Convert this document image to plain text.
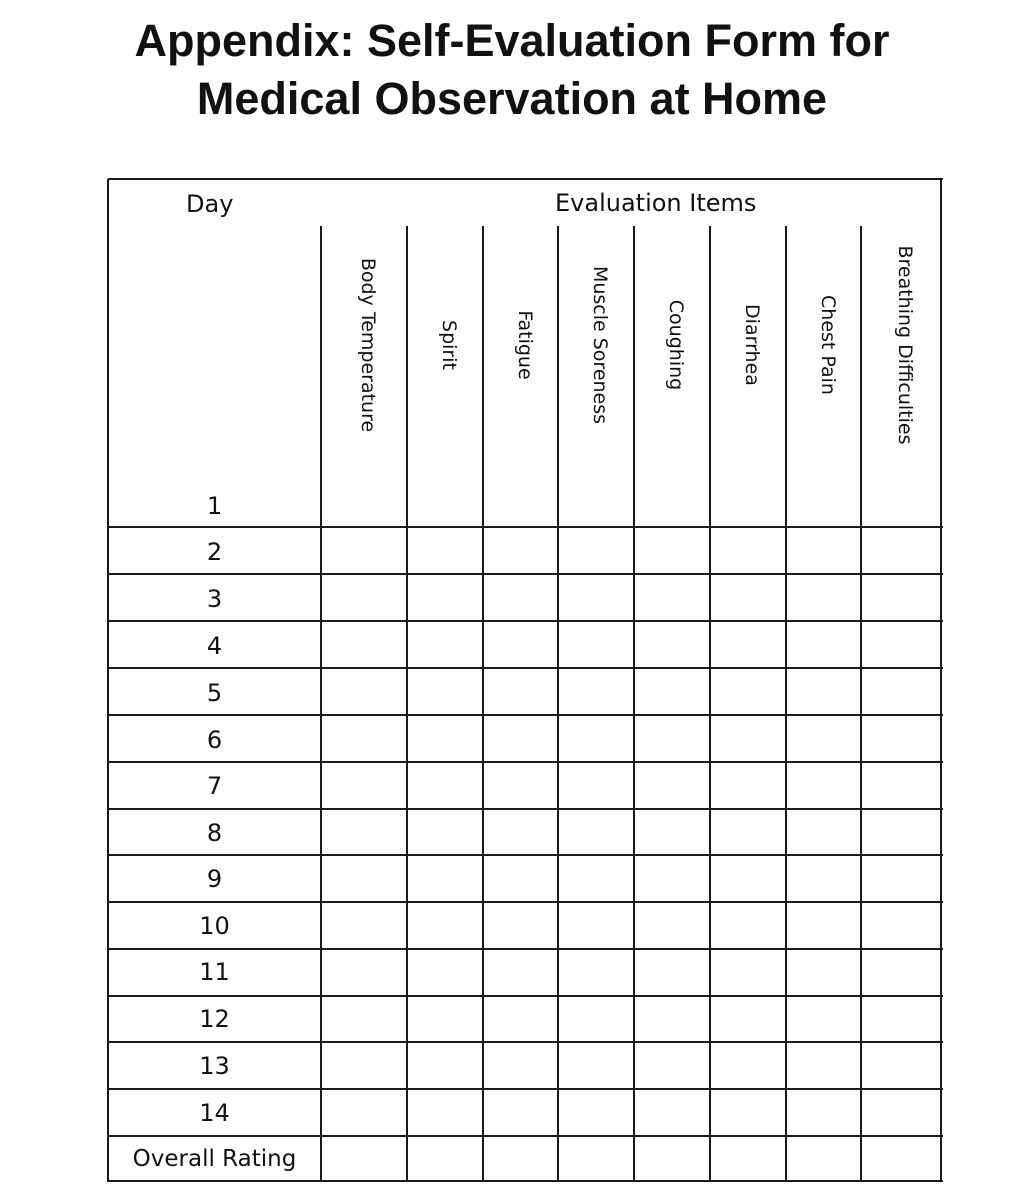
Appendix: Self-Evaluation Form for
Medical Observation at Home
Day	Evaluation Items
Body Temperature	Spirit	Fatigue	Muscle Soreness	Coughing	Diarrhea	Chest Pain	Breathing Difficulties
1
2
3
4
5
6
7
8
9
10
11
12
13
14
Overall Rating
